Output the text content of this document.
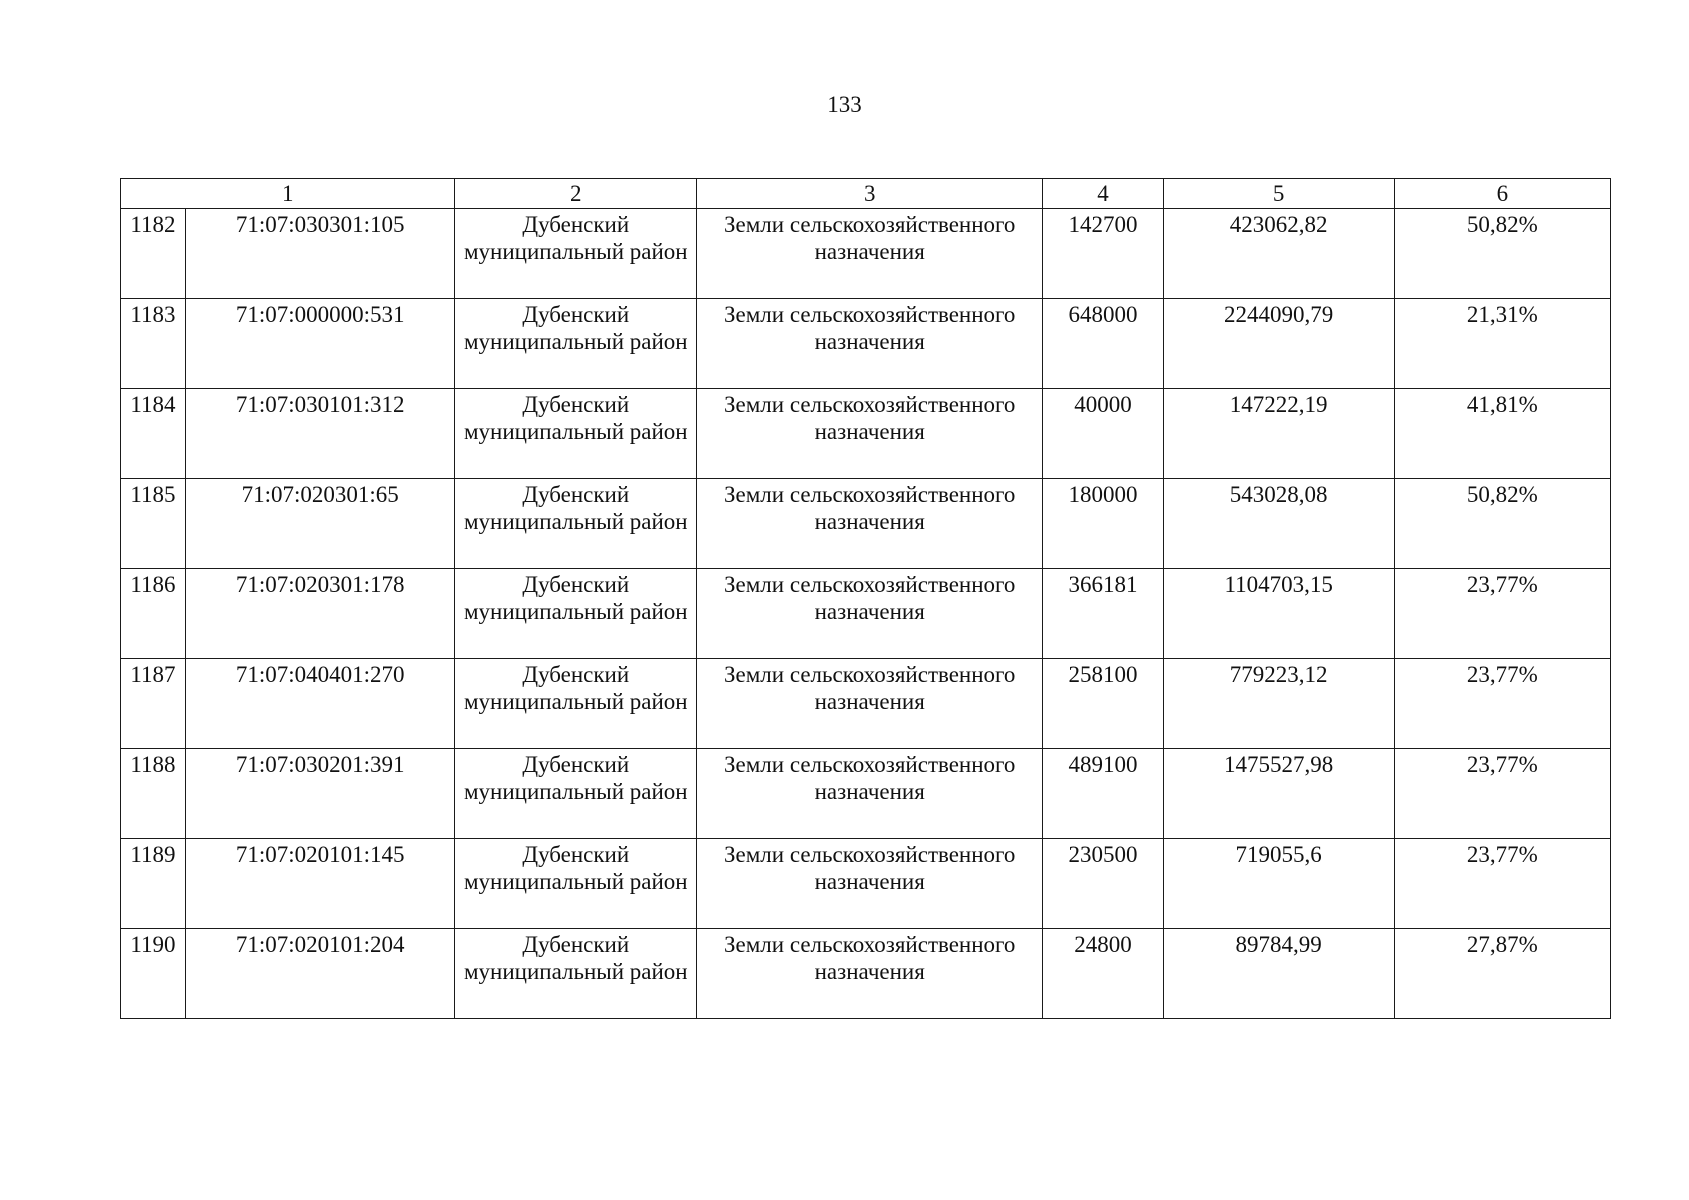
133
1		2	3	4	5	6
1182	71:07:030301:105	Дубенский муниципальный район	Земли сельскохозяйственного назначения	142700	423062,82	50,82%
1183	71:07:000000:531	Дубенский муниципальный район	Земли сельскохозяйственного назначения	648000	2244090,79	21,31%
1184	71:07:030101:312	Дубенский муниципальный район	Земли сельскохозяйственного назначения	40000	147222,19	41,81%
1185	71:07:020301:65	Дубенский муниципальный район	Земли сельскохозяйственного назначения	180000	543028,08	50,82%
1186	71:07:020301:178	Дубенский муниципальный район	Земли сельскохозяйственного назначения	366181	1104703,15	23,77%
1187	71:07:040401:270	Дубенский муниципальный район	Земли сельскохозяйственного назначения	258100	779223,12	23,77%
1188	71:07:030201:391	Дубенский муниципальный район	Земли сельскохозяйственного назначения	489100	1475527,98	23,77%
1189	71:07:020101:145	Дубенский муниципальный район	Земли сельскохозяйственного назначения	230500	719055,6	23,77%
1190	71:07:020101:204	Дубенский муниципальный район	Земли сельскохозяйственного назначения	24800	89784,99	27,87%
